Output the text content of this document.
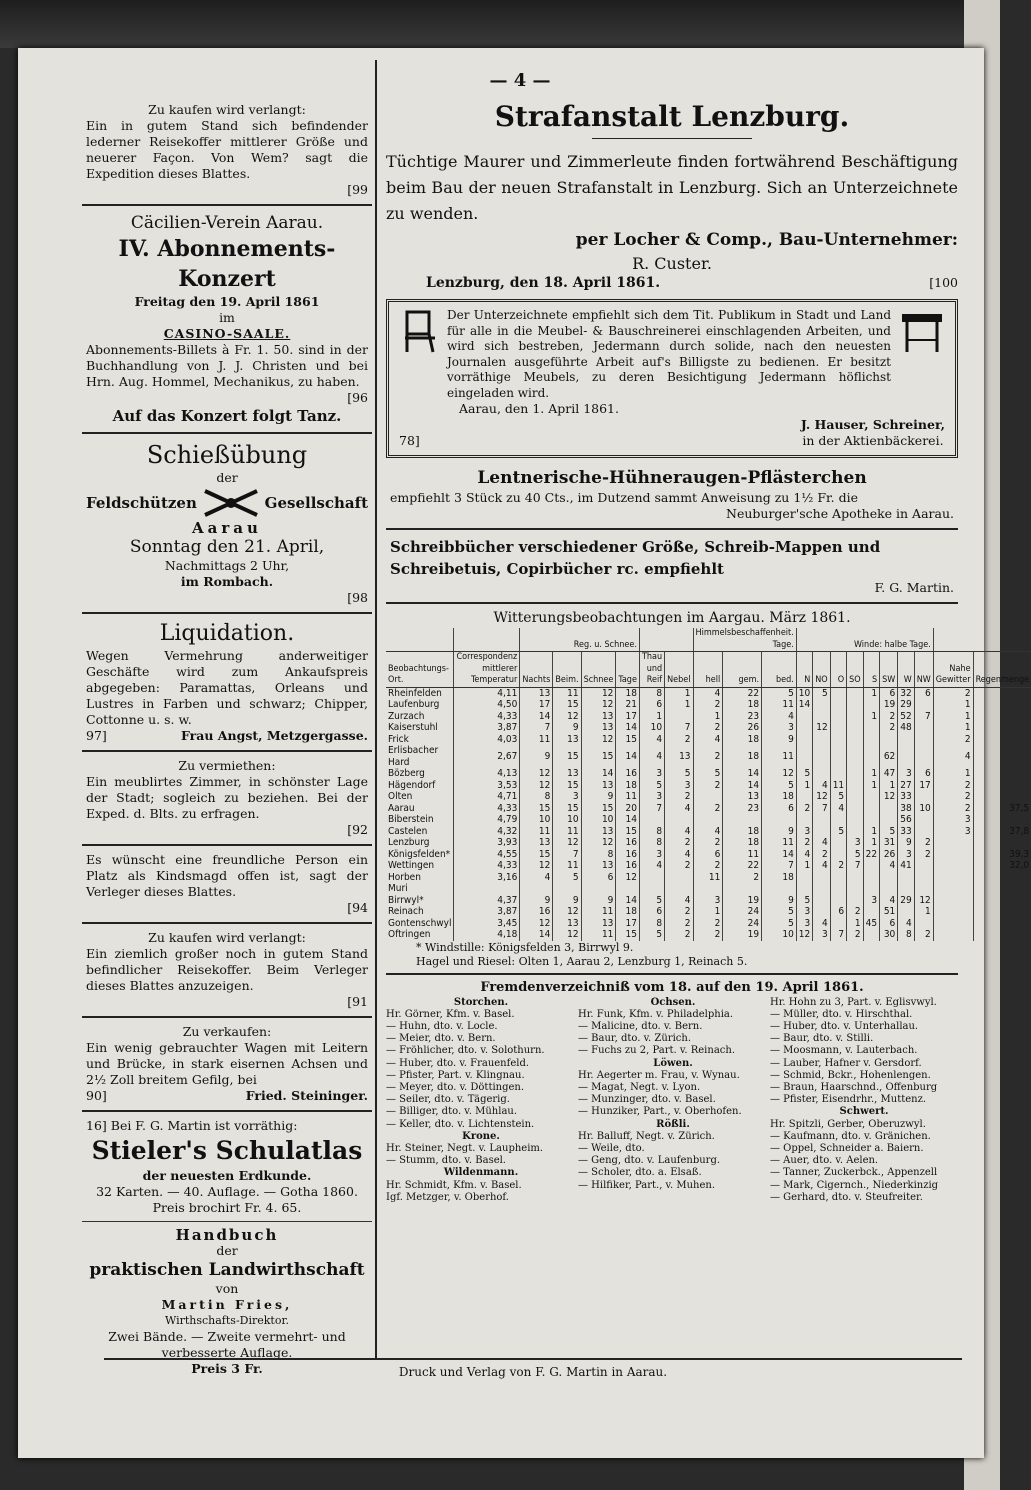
— 4 —

Zu kaufen wird verlangt:

Ein in gutem Stand sich befindender lederner Reisekoffer mittlerer Größe und neuerer Façon. Von Wem? sagt die Expedition dieses Blattes.

[99

Cäcilien-Verein Aarau.

IV. Abonnements-Konzert

Freitag den 19. April 1861

im

CASINO-SAALE.

Abonnements-Billets à Fr. 1. 50. sind in der Buchhandlung von J. J. Christen und bei Hrn. Aug. Hommel, Mechanikus, zu haben.

[96

Auf das Konzert folgt Tanz.

Schießübung

der

Feldschützen	Gesellschaft

Aarau

Sonntag den 21. April,

Nachmittags 2 Uhr,

im Rombach.

[98

Liquidation.

Wegen Vermehrung anderweitiger Geschäfte wird zum Ankaufspreis abgegeben: Paramattas, Orleans und Lustres in Farben und schwarz; Chipper, Cottonne u. s. w.

97]	Frau Angst, Metzgergasse.

Zu vermiethen:

Ein meublirtes Zimmer, in schönster Lage der Stadt; sogleich zu beziehen. Bei der Exped. d. Blts. zu erfragen.

[92

Es wünscht eine freundliche Person ein Platz als Kindsmagd offen ist, sagt der Verleger dieses Blattes.

[94

Zu kaufen wird verlangt:

Ein ziemlich großer noch in gutem Stand befindlicher Reisekoffer. Beim Verleger dieses Blattes anzuzeigen.

[91

Zu verkaufen:

Ein wenig gebrauchter Wagen mit Leitern und Brücke, in stark eisernen Achsen und 2½ Zoll breitem Gefilg, bei

90]	Fried. Steininger.

16] Bei F. G. Martin ist vorräthig:

Stieler's Schulatlas

der neuesten Erdkunde.

32 Karten. — 40. Auflage. — Gotha 1860.

Preis brochirt Fr. 4. 65.

Handbuch

der

praktischen Landwirthschaft

von

Martin Fries,

Wirthschafts-Direktor.

Zwei Bände. — Zweite vermehrt- und verbesserte Auflage.

Preis 3 Fr.

Strafanstalt Lenzburg.

Tüchtige Maurer und Zimmerleute finden fortwährend Beschäftigung beim Bau der neuen Strafanstalt in Lenzburg. Sich an Unterzeichnete zu wenden.

per Locher & Comp., Bau-Unternehmer:

R. Custer.

Lenzburg, den 18. April 1861.	[100

Der Unterzeichnete empfiehlt sich dem Tit. Publikum in Stadt und Land für alle in die Meubel- & Bauschreinerei einschlagenden Arbeiten, und wird sich bestreben, Jedermann durch solide, nach den neuesten Journalen ausgeführte Arbeit auf's Billigste zu bedienen. Er besitzt vorräthige Meubels, zu deren Besichtigung Jedermann höflichst eingeladen wird.

Aarau, den 1. April 1861.

78]
J. Hauser, Schreiner,
in der Aktienbäckerei.

Lentnerische-Hühneraugen-Pflästerchen

empfiehlt 3 Stück zu 40 Cts., im Dutzend sammt Anweisung zu 1½ Fr. die

Neuburger'sche Apotheke in Aarau.

Schreibbücher verschiedener Größe, Schreib-Mappen und Schreibetuis, Copirbücher rc. empfiehlt

F. G. Martin.

Witterungsbeobachtungen im Aargau. März 1861.

		Reg. u. Schnee.						Himmelsbeschaffenheit. Tage.			Winde: halbe Tage.									
Beobachtungs-Ort.	Correspondenz mittlerer Temperatur	Nachts	Beim.	Schnee	Tage	Thau und Reif	Nebel	hell	gem.	bed.	N	NO	O	SO	S	SW	W	NW	Nahe Gewitter	Regenmenge
Rheinfelden	4,11	13	11	12	18	8	1	4	22	5	10	5			1	6	32	6	2	
Laufenburg	4,50	17	15	12	21	6	1	2	18	11	14					19	29		1	
Zurzach	4,33	14	12	13	17	1		1	23	4					1	2	52	7	1	
Kaiserstuhl	3,87	7	9	13	14	10	7	2	26	3		12				2	48		1	
Frick	4,03	11	13	12	15	4	2	4	18	9									2	
Erlisbacher Hard	2,67	9	15	15	14	4	13	2	18	11						62			4	
Bözberg	4,13	12	13	14	16	3	5	5	14	12	5				1	47	3	6	1	
Hägendorf	3,53	12	15	13	18	5	3	2	14	5	1	4	11		1	1	27	17	2	
Olten	4,71	8	3	9	11	3	2		13	18		12	5			12	33		2	
Aarau	4,33	15	15	15	20	7	4	2	23	6	2	7	4				38	10	2	37,5
Biberstein	4,79	10	10	10	14												56		3	
Castelen	4,32	11	11	13	15	8	4	4	18	9	3		5		1	5	33		3	37,8
Lenzburg	3,93	13	12	12	16	8	2	2	18	11	2	4		3	1	31	9	2		
Königsfelden*	4,55	15	7	8	16	3	4	6	11	14	4	2		5	22	26	3	2		39,3
Wettingen	4,33	12	11	13	16	4	2	2	22	7	1	4	2	7		4	41			32,0
Horben	3,16	4	5	6	12			11	2	18										
Muri																				
Birrwyl*	4,37	9	9	9	14	5	4	3	19	9	5				3	4	29	12		
Reinach	3,87	16	12	11	18	6	2	1	24	5	3		6	2		51		1		
Gontenschwyl	3,45	12	13	13	17	8	2	2	24	5	3	4		1	45	6	4			
Oftringen	4,18	14	12	11	15	5	2	2	19	10	12	3	7	2		30	8	2		

* Windstille: Königsfelden 3, Birrwyl 9.

Hagel und Riesel: Olten 1, Aarau 2, Lenzburg 1, Reinach 5.

Fremdenverzeichniß vom 18. auf den 19. April 1861.

Storchen.
Hr. Görner, Kfm. v. Basel.
— Huhn, dto. v. Locle.
— Meier, dto. v. Bern.
— Fröhlicher, dto. v. Solothurn.
— Huber, dto. v. Frauenfeld.
— Pfister, Part. v. Klingnau.
— Meyer, dto. v. Döttingen.
— Seiler, dto. v. Tägerig.
— Billiger, dto. v. Mühlau.
— Keller, dto. v. Lichtenstein.
Krone.
Hr. Steiner, Negt. v. Laupheim.
— Stumm, dto. v. Basel.
Wildenmann.
Hr. Schmidt, Kfm. v. Basel.
Igf. Metzger, v. Oberhof.
Ochsen.
Hr. Funk, Kfm. v. Philadelphia.
— Malicine, dto. v. Bern.
— Baur, dto. v. Zürich.
— Fuchs zu 2, Part. v. Reinach.
Löwen.
Hr. Aegerter m. Frau, v. Wynau.
— Magat, Negt. v. Lyon.
— Munzinger, dto. v. Basel.
— Hunziker, Part., v. Oberhofen.
Rößli.
Hr. Balluff, Negt. v. Zürich.
— Weile, dto.
— Geng, dto. v. Laufenburg.
— Scholer, dto. a. Elsaß.
— Hilfiker, Part., v. Muhen.
Hr. Hohn zu 3, Part. v. Eglisvwyl.
— Müller, dto. v. Hirschthal.
— Huber, dto. v. Unterhallau.
— Baur, dto. v. Stilli.
— Moosmann, v. Lauterbach.
— Lauber, Hafner v. Gersdorf.
— Schmid, Bckr., Hohenlengen.
— Braun, Haarschnd., Offenburg
— Pfister, Eisendrhr., Muttenz.
Schwert.
Hr. Spitzli, Gerber, Oberuzwyl.
— Kaufmann, dto. v. Gränichen.
— Oppel, Schneider a. Baiern.
— Auer, dto. v. Aelen.
— Tanner, Zuckerbck., Appenzell
— Mark, Cigernch., Niederkinzig
— Gerhard, dto. v. Steufreiter.

Druck und Verlag von F. G. Martin in Aarau.
